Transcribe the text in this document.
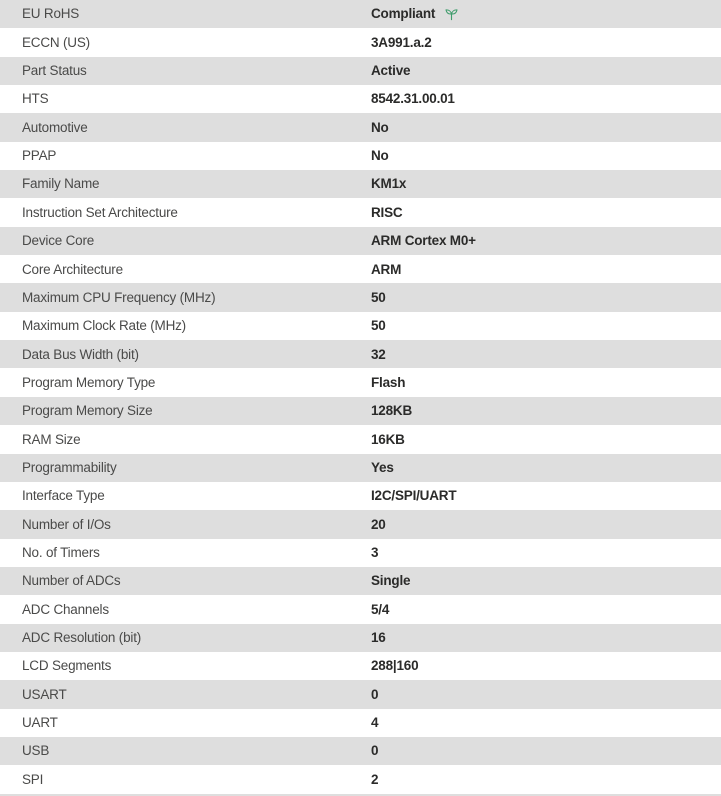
EU RoHS	Compliant
ECCN (US)	3A991.a.2
Part Status	Active
HTS	8542.31.00.01
Automotive	No
PPAP	No
Family Name	KM1x
Instruction Set Architecture	RISC
Device Core	ARM Cortex M0+
Core Architecture	ARM
Maximum CPU Frequency (MHz)	50
Maximum Clock Rate (MHz)	50
Data Bus Width (bit)	32
Program Memory Type	Flash
Program Memory Size	128KB
RAM Size	16KB
Programmability	Yes
Interface Type	I2C/SPI/UART
Number of I/Os	20
No. of Timers	3
Number of ADCs	Single
ADC Channels	5/4
ADC Resolution (bit)	16
LCD Segments	288|160
USART	0
UART	4
USB	0
SPI	2
